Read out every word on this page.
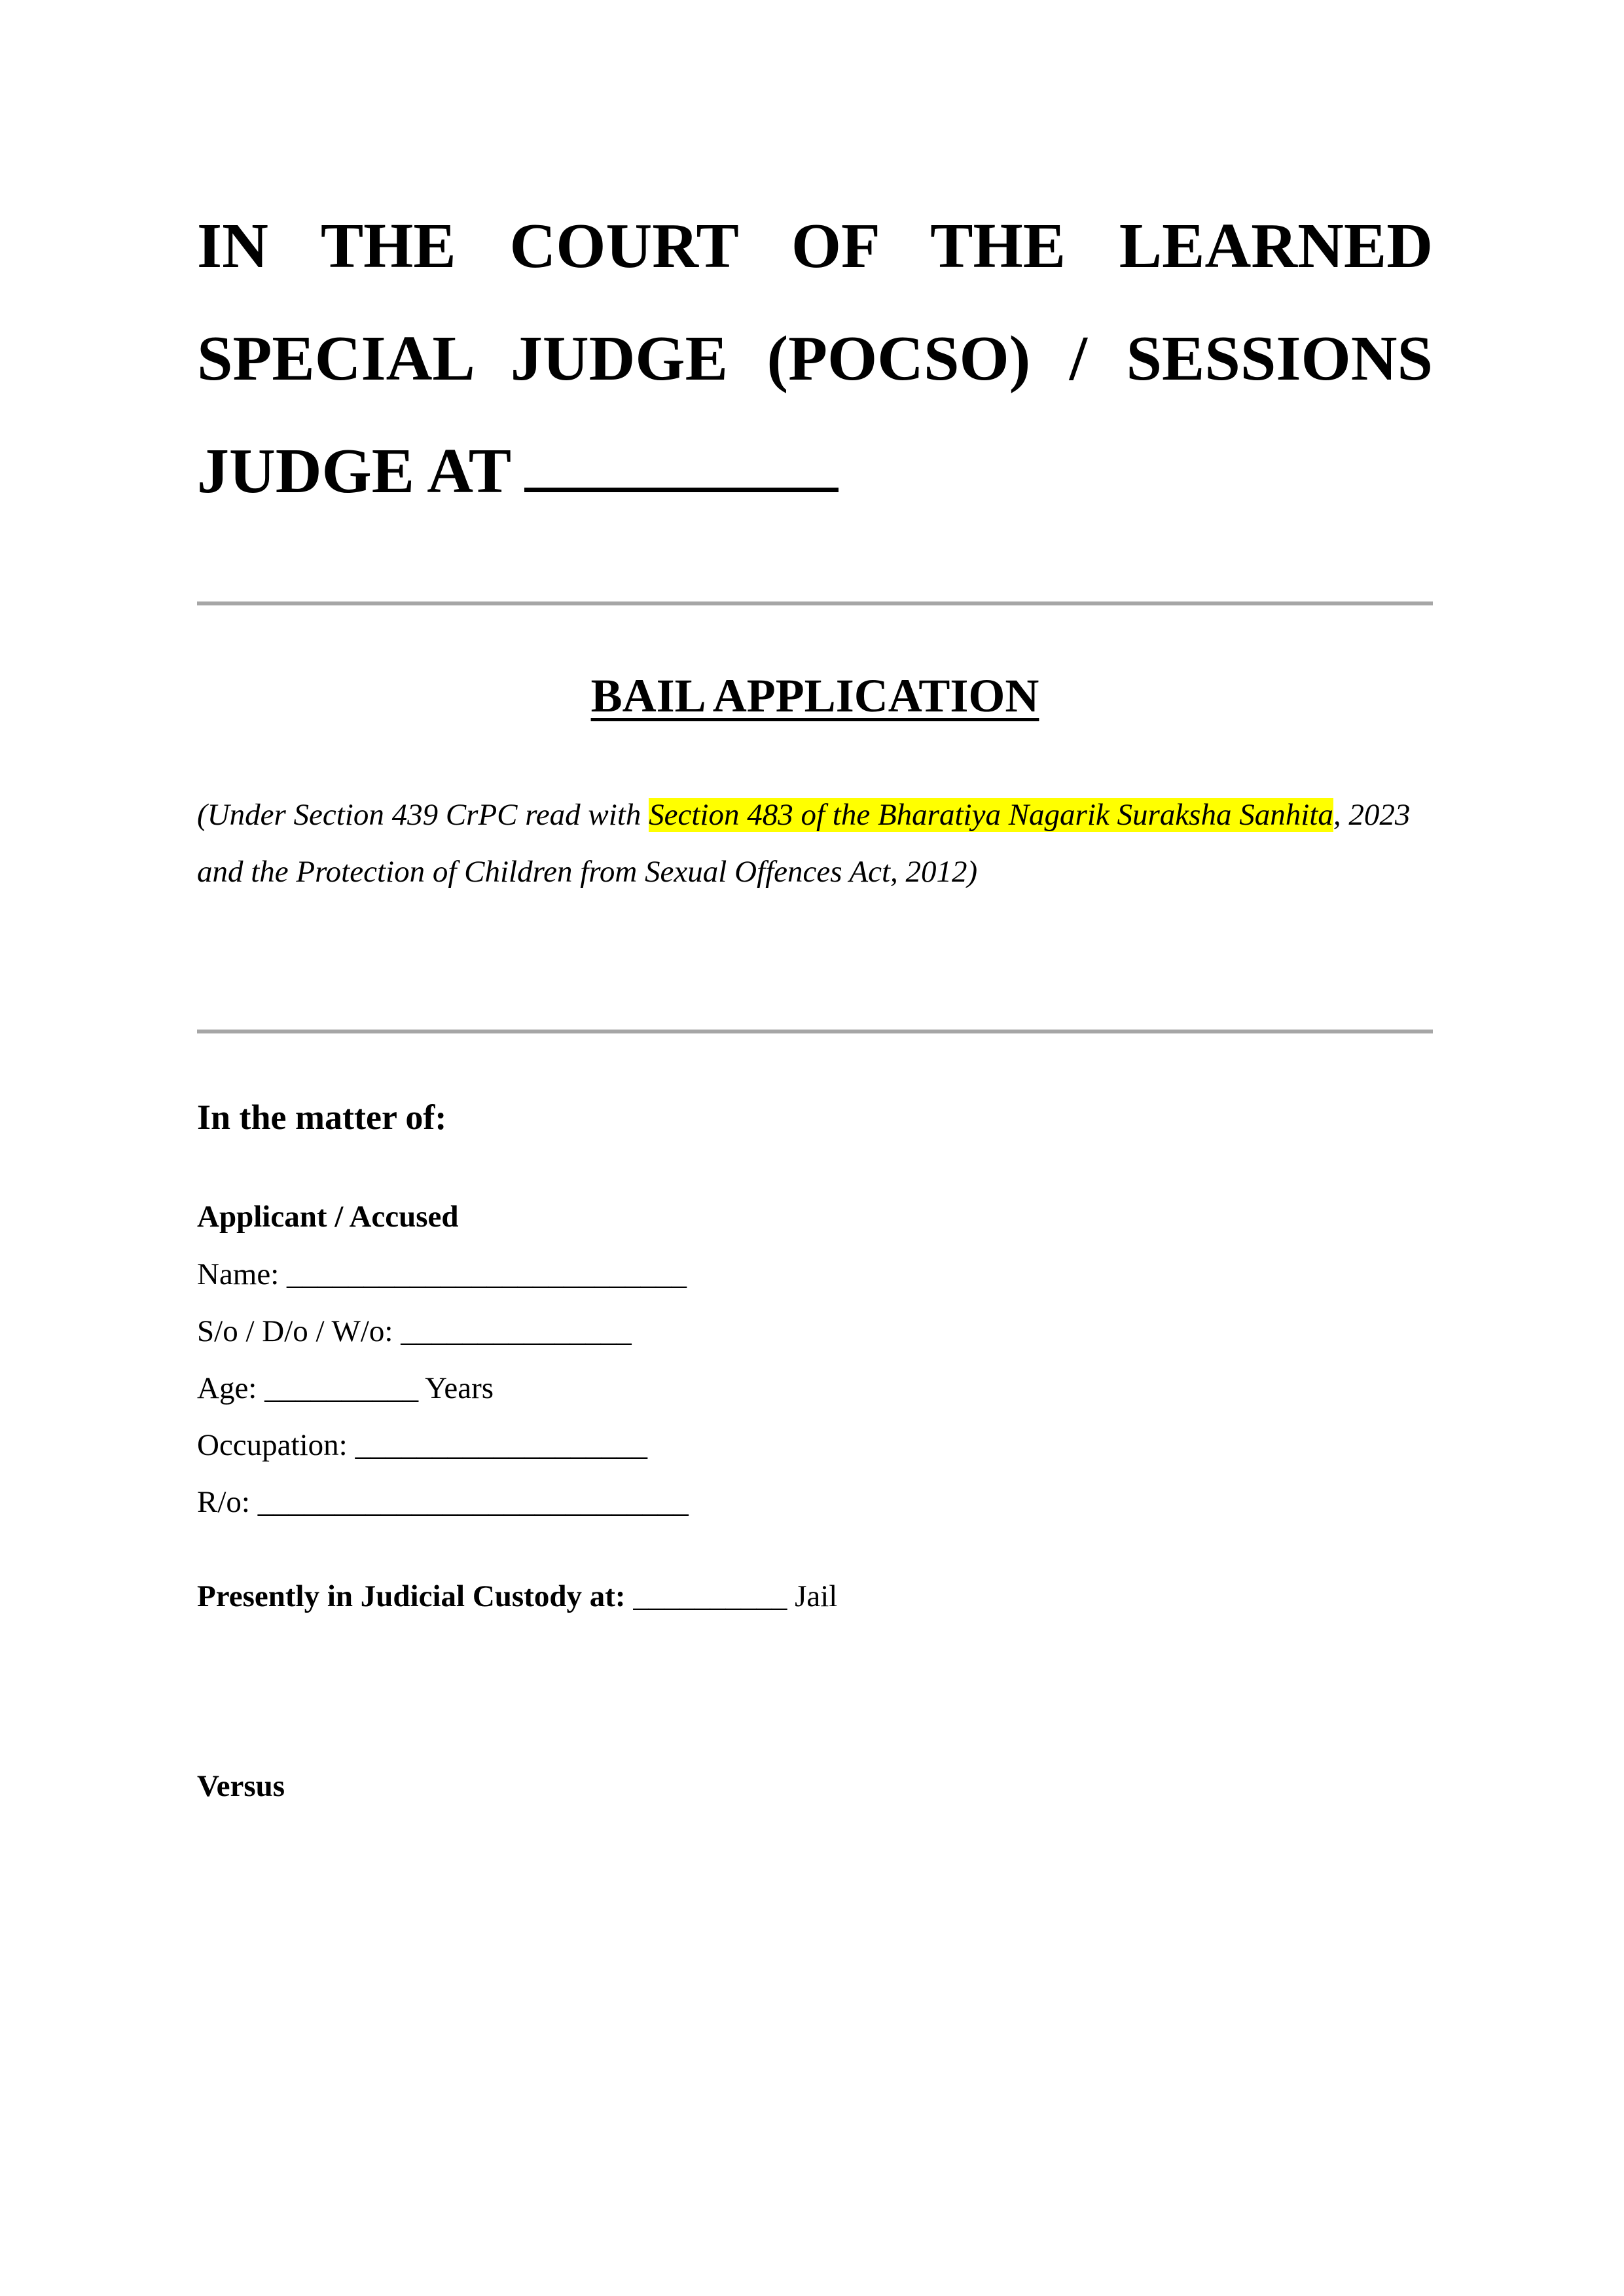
IN THE COURT OF THE LEARNED SPECIAL JUDGE (POCSO) / SESSIONS JUDGE AT

BAIL APPLICATION

(Under Section 439 CrPC read with Section 483 of the Bharatiya Nagarik Suraksha Sanhita, 2023
and the Protection of Children from Sexual Offences Act, 2012)

In the matter of:

Applicant / Accused

Name: __________________________

S/o / D/o / W/o: _______________

Age: __________ Years

Occupation: ___________________

R/o: ____________________________

Presently in Judicial Custody at: __________ Jail

Versus
